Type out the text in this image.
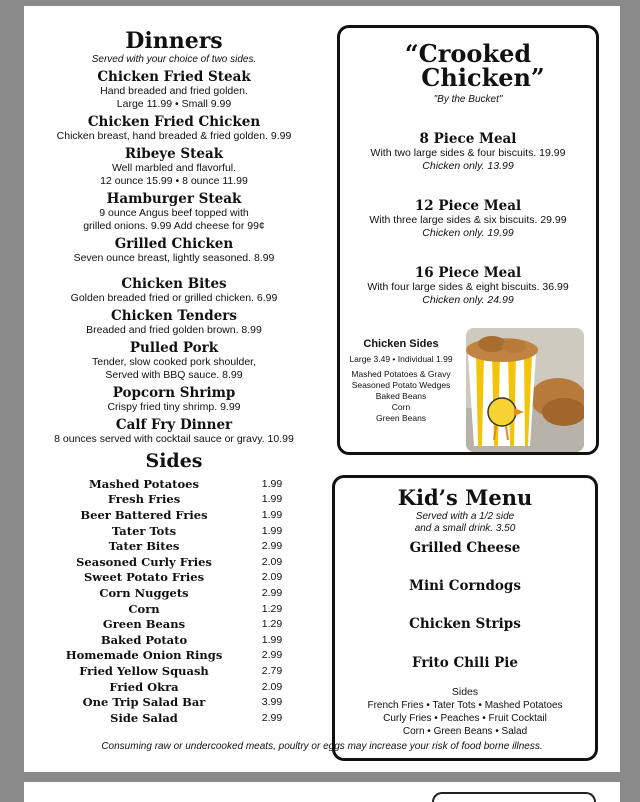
Dinners
Served with your choice of two sides.
Chicken Fried Steak
Hand breaded and fried golden.
Large 11.99 • Small 9.99
Chicken Fried Chicken
Chicken breast, hand breaded & fried golden. 9.99
Ribeye Steak
Well marbled and flavorful.
12 ounce 15.99 • 8 ounce 11.99
Hamburger Steak
9 ounce Angus beef topped with
grilled onions. 9.99 Add cheese for 99¢
Grilled Chicken
Seven ounce breast, lightly seasoned. 8.99
Chicken Bites
Golden breaded fried or grilled chicken. 6.99
Chicken Tenders
Breaded and fried golden brown. 8.99
Pulled Pork
Tender, slow cooked pork shoulder,
Served with BBQ sauce. 8.99
Popcorn Shrimp
Crispy fried tiny shrimp. 9.99
Calf Fry Dinner
8 ounces served with cocktail sauce or gravy. 10.99
Sides
Mashed Potatoes	1.99
Fresh Fries	1.99
Beer Battered Fries	1.99
Tater Tots	1.99
Tater Bites	2.99
Seasoned Curly Fries	2.09
Sweet Potato Fries	2.09
Corn Nuggets	2.99
Corn	1.29
Green Beans	1.29
Baked Potato	1.99
Homemade Onion Rings	2.99
Fried Yellow Squash	2.79
Fried Okra	2.09
One Trip Salad Bar	3.99
Side Salad	2.99
“Crooked
Chicken”
"By the Bucket"
8 Piece Meal
With two large sides & four biscuits. 19.99
Chicken only. 13.99
12 Piece Meal
With three large sides & six biscuits. 29.99
Chicken only. 19.99
16 Piece Meal
With four large sides & eight biscuits. 36.99
Chicken only. 24.99
Chicken Sides
Large 3.49 • Individual 1.99
Mashed Potatoes & Gravy
Seasoned Potato Wedges
Baked Beans
Corn
Green Beans
Kid’s Menu
Served with a 1/2 side
and a small drink. 3.50
Grilled Cheese
Mini Corndogs
Chicken Strips
Frito Chili Pie
Sides
French Fries • Tater Tots • Mashed Potatoes
Curly Fries • Peaches • Fruit Cocktail
Corn • Green Beans • Salad
Consuming raw or undercooked meats, poultry or eggs may increase your risk of food borne illness.
